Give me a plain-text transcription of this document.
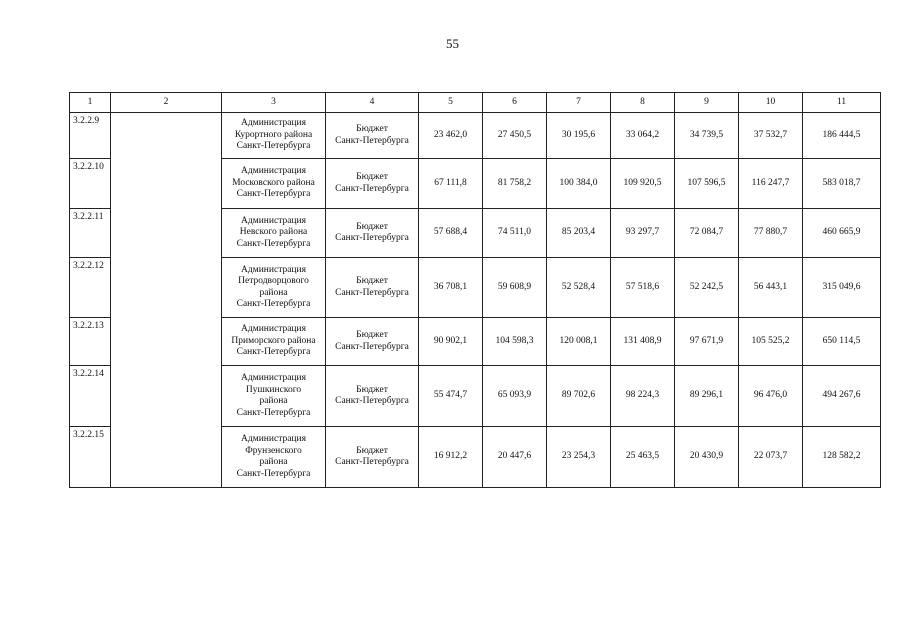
55
1	2	3	4	5	6	7	8	9	10	11
3.2.2.9		Администрация
Курортного района
Санкт-Петербурга	Бюджет
Санкт-Петербурга	23 462,0	27 450,5	30 195,6	33 064,2	34 739,5	37 532,7	186 444,5
3.2.2.10		Администрация
Московского района
Санкт-Петербурга	Бюджет
Санкт-Петербурга	67 111,8	81 758,2	100 384,0	109 920,5	107 596,5	116 247,7	583 018,7
3.2.2.11		Администрация
Невского района
Санкт-Петербурга	Бюджет
Санкт-Петербурга	57 688,4	74 511,0	85 203,4	93 297,7	72 084,7	77 880,7	460 665,9
3.2.2.12		Администрация
Петродворцового
района
Санкт-Петербурга	Бюджет
Санкт-Петербурга	36 708,1	59 608,9	52 528,4	57 518,6	52 242,5	56 443,1	315 049,6
3.2.2.13		Администрация
Приморского района
Санкт-Петербурга	Бюджет
Санкт-Петербурга	90 902,1	104 598,3	120 008,1	131 408,9	97 671,9	105 525,2	650 114,5
3.2.2.14		Администрация
Пушкинского
района
Санкт-Петербурга	Бюджет
Санкт-Петербурга	55 474,7	65 093,9	89 702,6	98 224,3	89 296,1	96 476,0	494 267,6
3.2.2.15		Администрация
Фрунзенского
района
Санкт-Петербурга	Бюджет
Санкт-Петербурга	16 912,2	20 447,6	23 254,3	25 463,5	20 430,9	22 073,7	128 582,2
